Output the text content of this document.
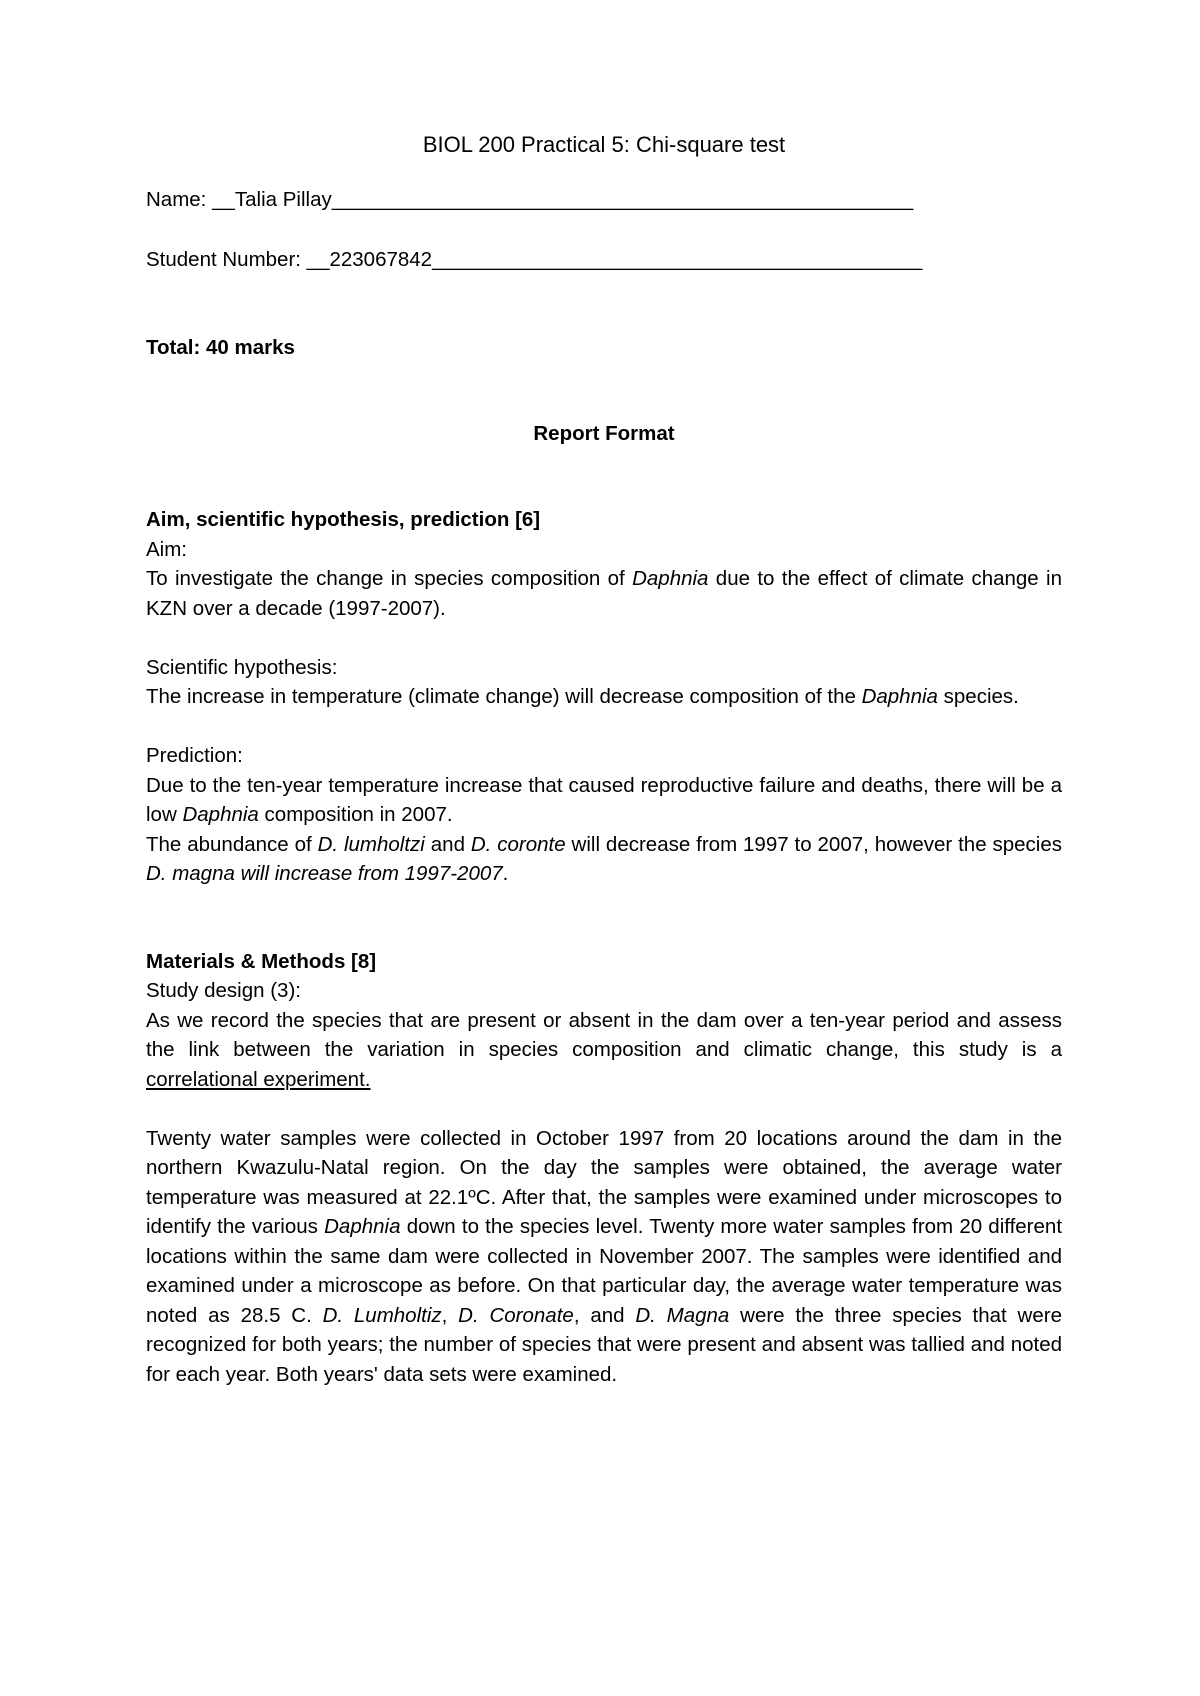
BIOL 200 Practical 5: Chi-square test

Name: __Talia Pillay___________________________________________________

Student Number: __223067842___________________________________________

Total: 40 marks

Report Format

Aim, scientific hypothesis, prediction [6]

Aim:

To investigate the change in species composition of Daphnia due to the effect of climate change in KZN over a decade (1997-2007).

Scientific hypothesis:

The increase in temperature (climate change) will decrease composition of the Daphnia species.

Prediction:

Due to the ten-year temperature increase that caused reproductive failure and deaths, there will be a low Daphnia composition in 2007.

The abundance of D. lumholtzi and D. coronte will decrease from 1997 to 2007, however the species D. magna will increase from 1997-2007.

Materials & Methods [8]

Study design (3):

As we record the species that are present or absent in the dam over a ten-year period and assess the link between the variation in species composition and climatic change, this study is a correlational experiment.

Twenty water samples were collected in October 1997 from 20 locations around the dam in the northern Kwazulu-Natal region. On the day the samples were obtained, the average water temperature was measured at 22.1ºC. After that, the samples were examined under microscopes to identify the various Daphnia down to the species level. Twenty more water samples from 20 different locations within the same dam were collected in November 2007. The samples were identified and examined under a microscope as before. On that particular day, the average water temperature was noted as 28.5 C. D. Lumholtiz, D. Coronate, and D. Magna were the three species that were recognized for both years; the number of species that were present and absent was tallied and noted for each year. Both years' data sets were examined.
